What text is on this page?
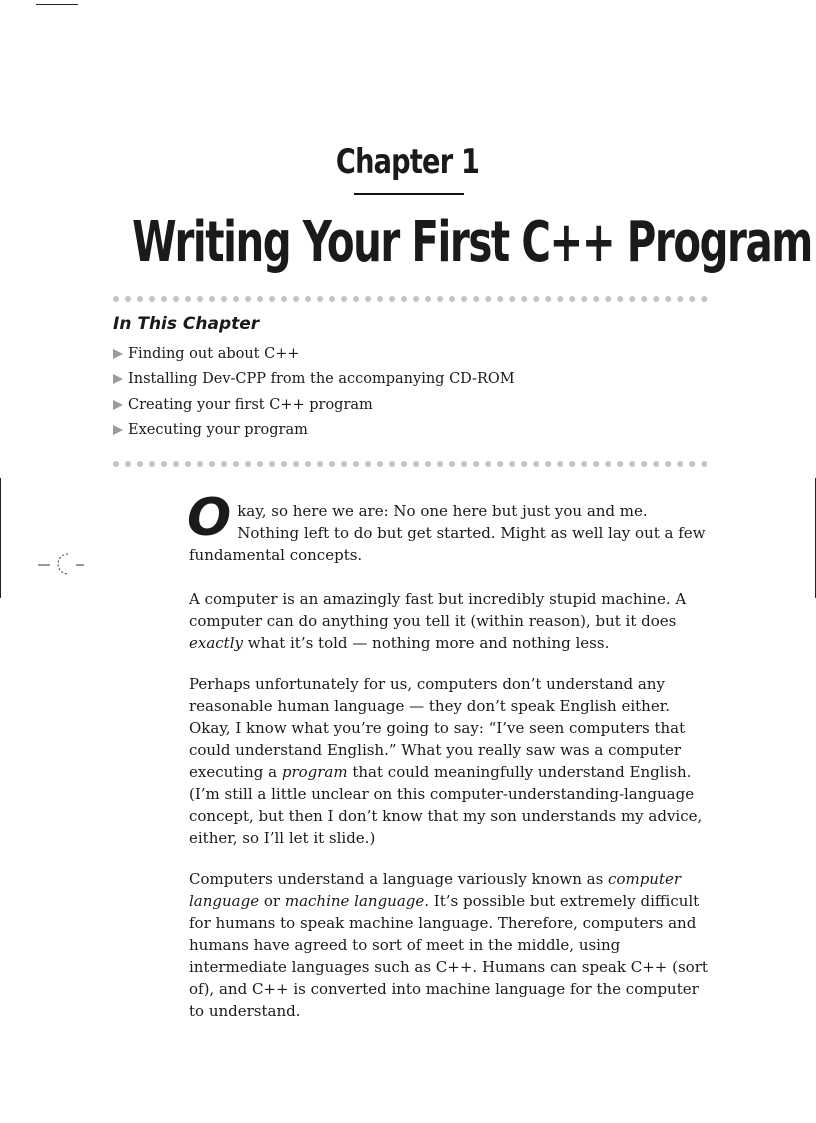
Chapter 1
Writing Your First C++ Program
In This Chapter
Finding out about C++
Installing Dev-CPP from the accompanying CD-ROM
Creating your first C++ program
Executing your program

Okay, so here we are: No one here but just you and me. Nothing left to do but get started. Might as well lay out a few fundamental concepts.

A computer is an amazingly fast but incredibly stupid machine. A computer can do anything you tell it (within reason), but it does exactly what it’s told — nothing more and nothing less.

Perhaps unfortunately for us, computers don’t understand any reasonable human language — they don’t speak English either. Okay, I know what you’re going to say: “I’ve seen computers that could understand English.” What you really saw was a computer executing a program that could meaningfully understand English. (I’m still a little unclear on this computer-understanding-language concept, but then I don’t know that my son understands my advice, either, so I’ll let it slide.)

Computers understand a language variously known as computer language or machine language. It’s possible but extremely difficult for humans to speak machine language. Therefore, computers and humans have agreed to sort of meet in the middle, using intermediate languages such as C++. Humans can speak C++ (sort of), and C++ is converted into machine language for the computer to understand.
